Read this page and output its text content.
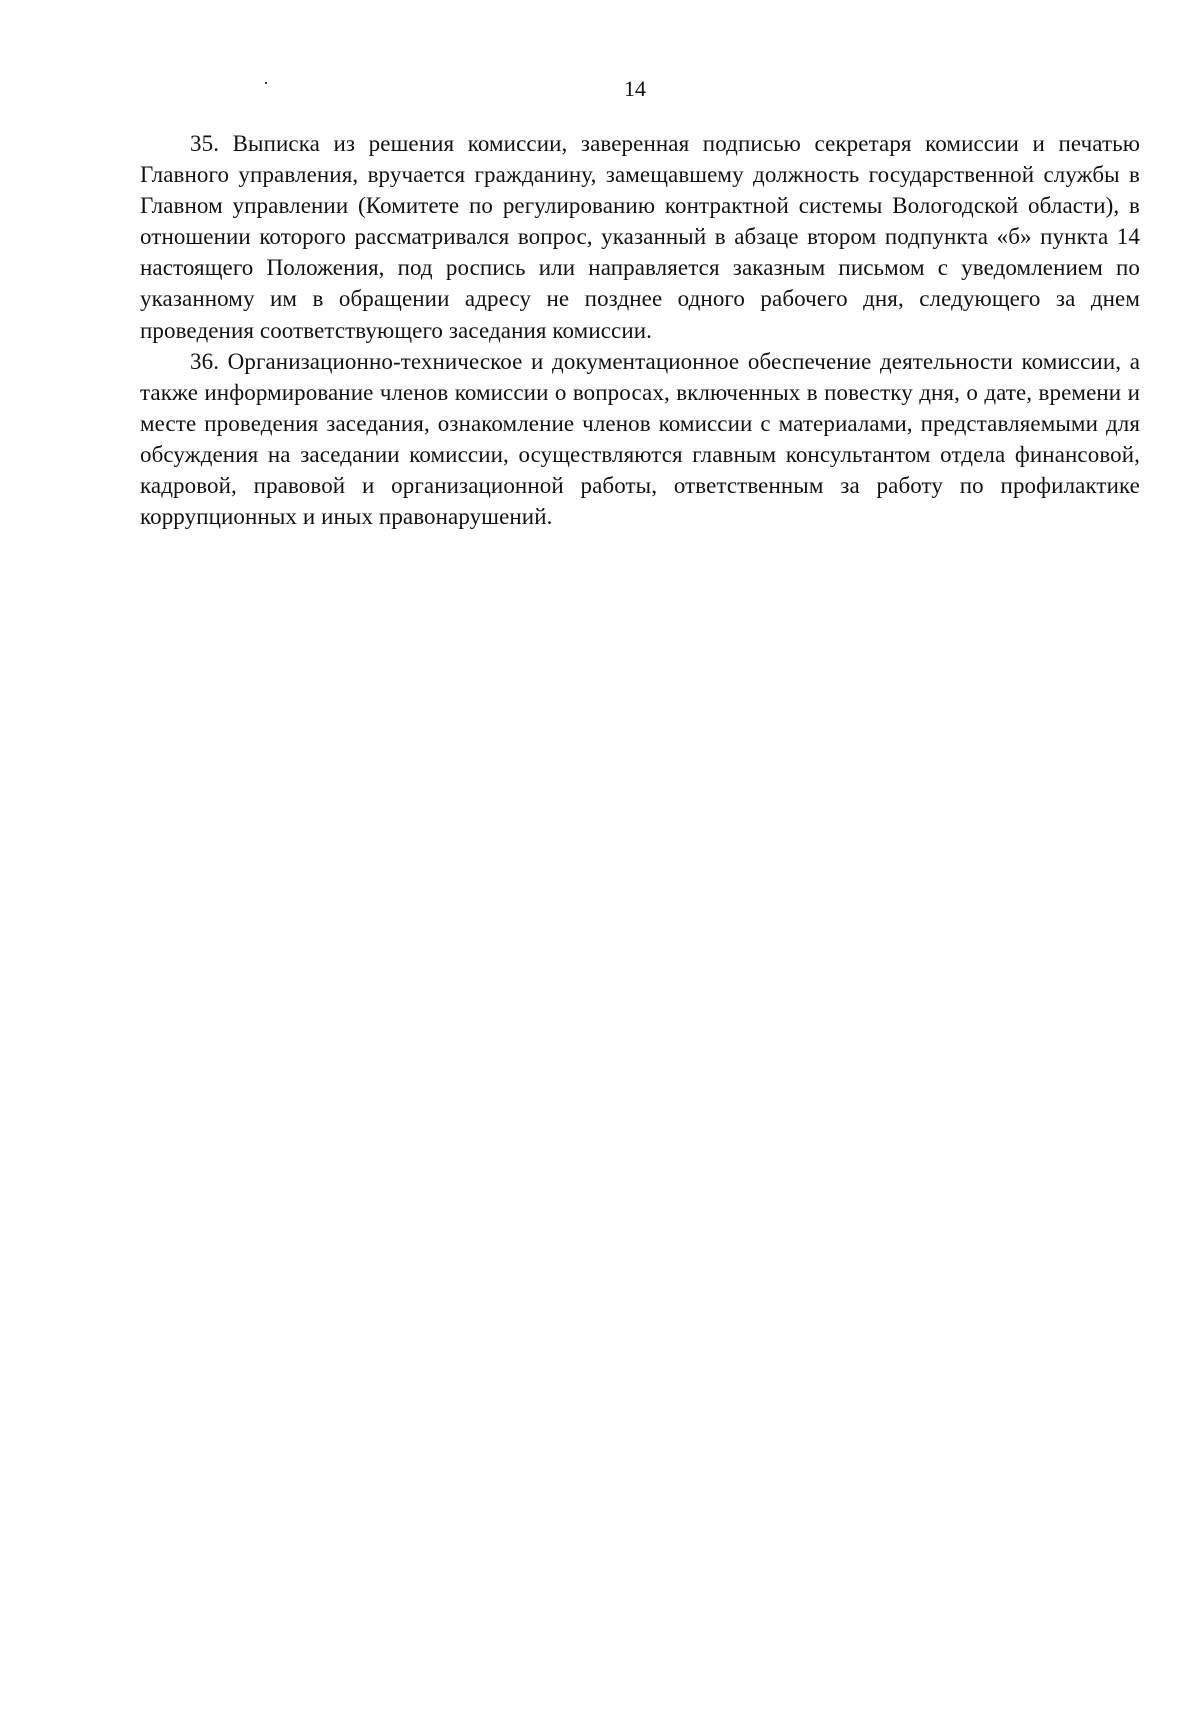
14

35. Выписка из решения комиссии, заверенная подписью секретаря комиссии и печатью Главного управления, вручается гражданину, замещавшему должность государственной службы в Главном управлении (Комитете по регулированию контрактной системы Вологодской области), в отношении которого рассматривался вопрос, указанный в абзаце втором подпункта «б» пункта 14 настоящего Положения, под роспись или направляется заказным письмом с уведомлением по указанному им в обращении адресу не позднее одного рабочего дня, следующего за днем проведения соответствующего заседания комиссии.

36. Организационно-техническое и документационное обеспечение деятельности комиссии, а также информирование членов комиссии о вопросах, включенных в повестку дня, о дате, времени и месте проведения заседания, ознакомление членов комиссии с материалами, представляемыми для обсуждения на заседании комиссии, осуществляются главным консультантом отдела финансовой, кадровой, правовой и организационной работы, ответственным за работу по профилактике коррупционных и иных правонарушений.
